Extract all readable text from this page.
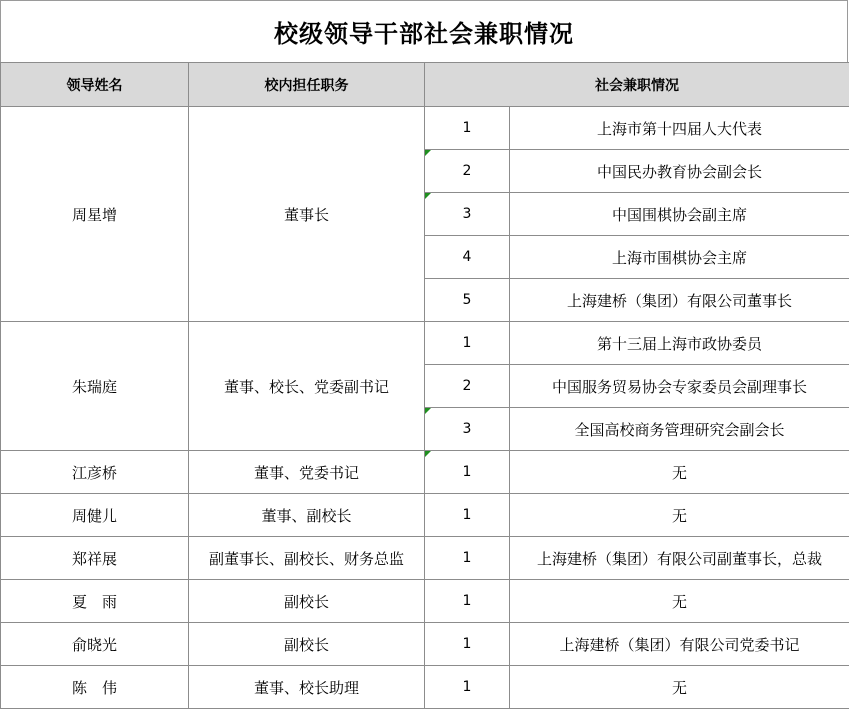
校级领导干部社会兼职情况
领导姓名	校内担任职务	社会兼职情况	
周星增	董事长	1	上海市第十四届人大代表
		2	中国民办教育协会副会长
		3	中国围棋协会副主席
		4	上海市围棋协会主席
		5	上海建桥（集团）有限公司董事长
朱瑞庭	董事、校长、党委副书记	1	第十三届上海市政协委员
		2	中国服务贸易协会专家委员会副理事长
		3	全国高校商务管理研究会副会长
江彦桥	董事、党委书记	1	无
周健儿	董事、副校长	1	无
郑祥展	副董事长、副校长、财务总监	1	上海建桥（集团）有限公司副董事长，总裁
夏　雨	副校长	1	无
俞晓光	副校长	1	上海建桥（集团）有限公司党委书记
陈　伟	董事、校长助理	1	无
